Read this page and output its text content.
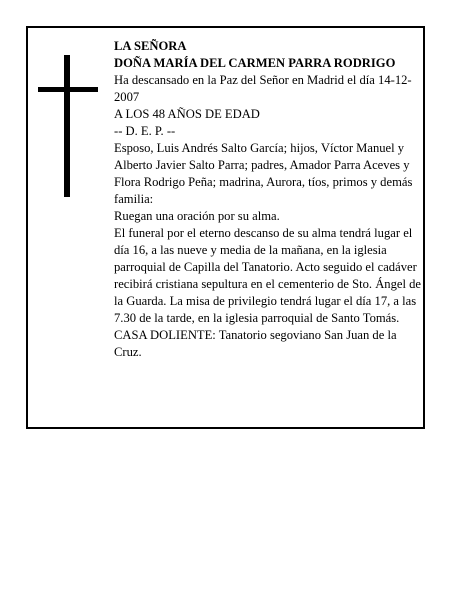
LA SEÑORA

DOÑA MARÍA DEL CARMEN PARRA RODRIGO

Ha descansado en la Paz del Señor en Madrid el día 14-12-2007

A LOS 48 AÑOS DE EDAD

-- D. E. P. --

Esposo, Luis Andrés Salto García; hijos, Víctor Manuel y Alberto Javier Salto Parra; padres, Amador Parra Aceves y Flora Rodrigo Peña; madrina, Aurora, tíos, primos y demás familia:

Ruegan una oración por su alma.

El funeral por el eterno descanso de su alma tendrá lugar el día 16, a las nueve y media de la mañana, en la iglesia parroquial de Capilla del Tanatorio. Acto seguido el cadáver recibirá cristiana sepultura en el cementerio de Sto. Ángel de la Guarda. La misa de privilegio tendrá lugar el día 17, a las 7.30 de la tarde, en la iglesia parroquial de Santo Tomás.

CASA DOLIENTE: Tanatorio segoviano San Juan de la Cruz.
